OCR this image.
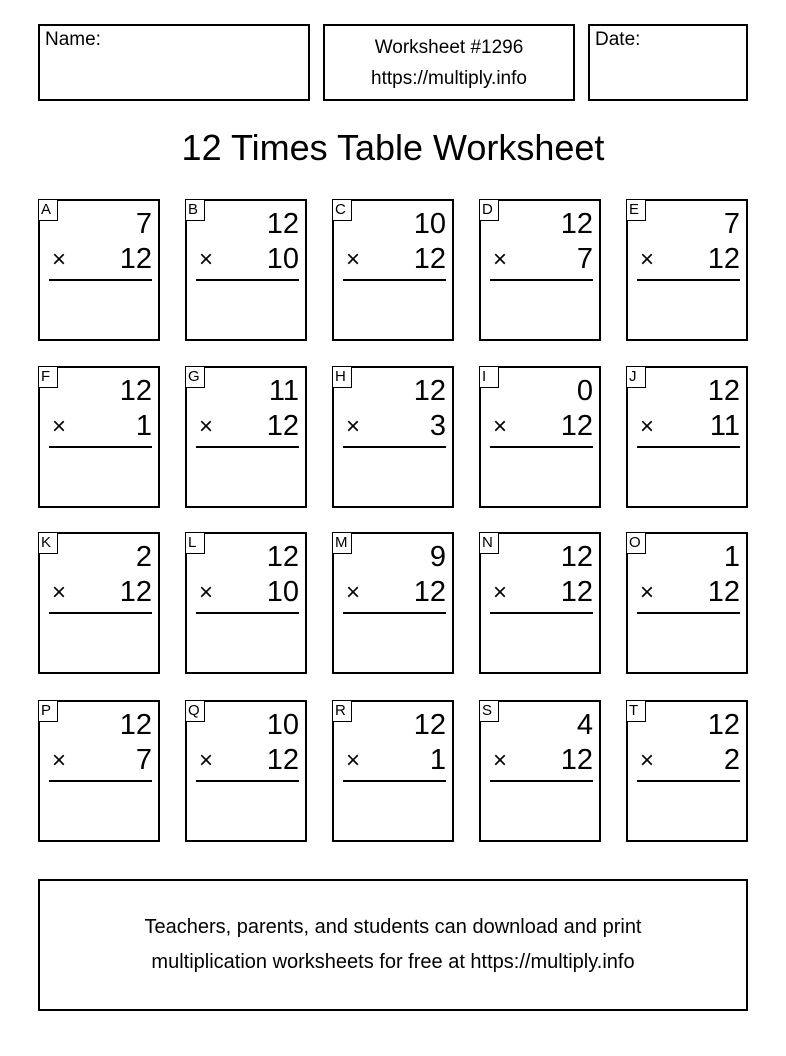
Name:	Worksheet #1296
https://multiply.info
Date:
12 Times Table Worksheet
A	7
× 12
B 12
× 10
C 10
× 12
D 12
× 7
E	7
× 12
F 12
× 1
G 11
× 12
H 12
× 3
I	0
× 12
J	12
× 11
K	2
× 12
L 12
× 10
M	9
× 12
N 12
× 12
O	1
× 12
P 12
× 7
Q 10
× 12
R 12
× 1
S	4
× 12
T 12
× 2
Teachers, parents, and students can download and print
multiplication worksheets for free at https://multiply.info
